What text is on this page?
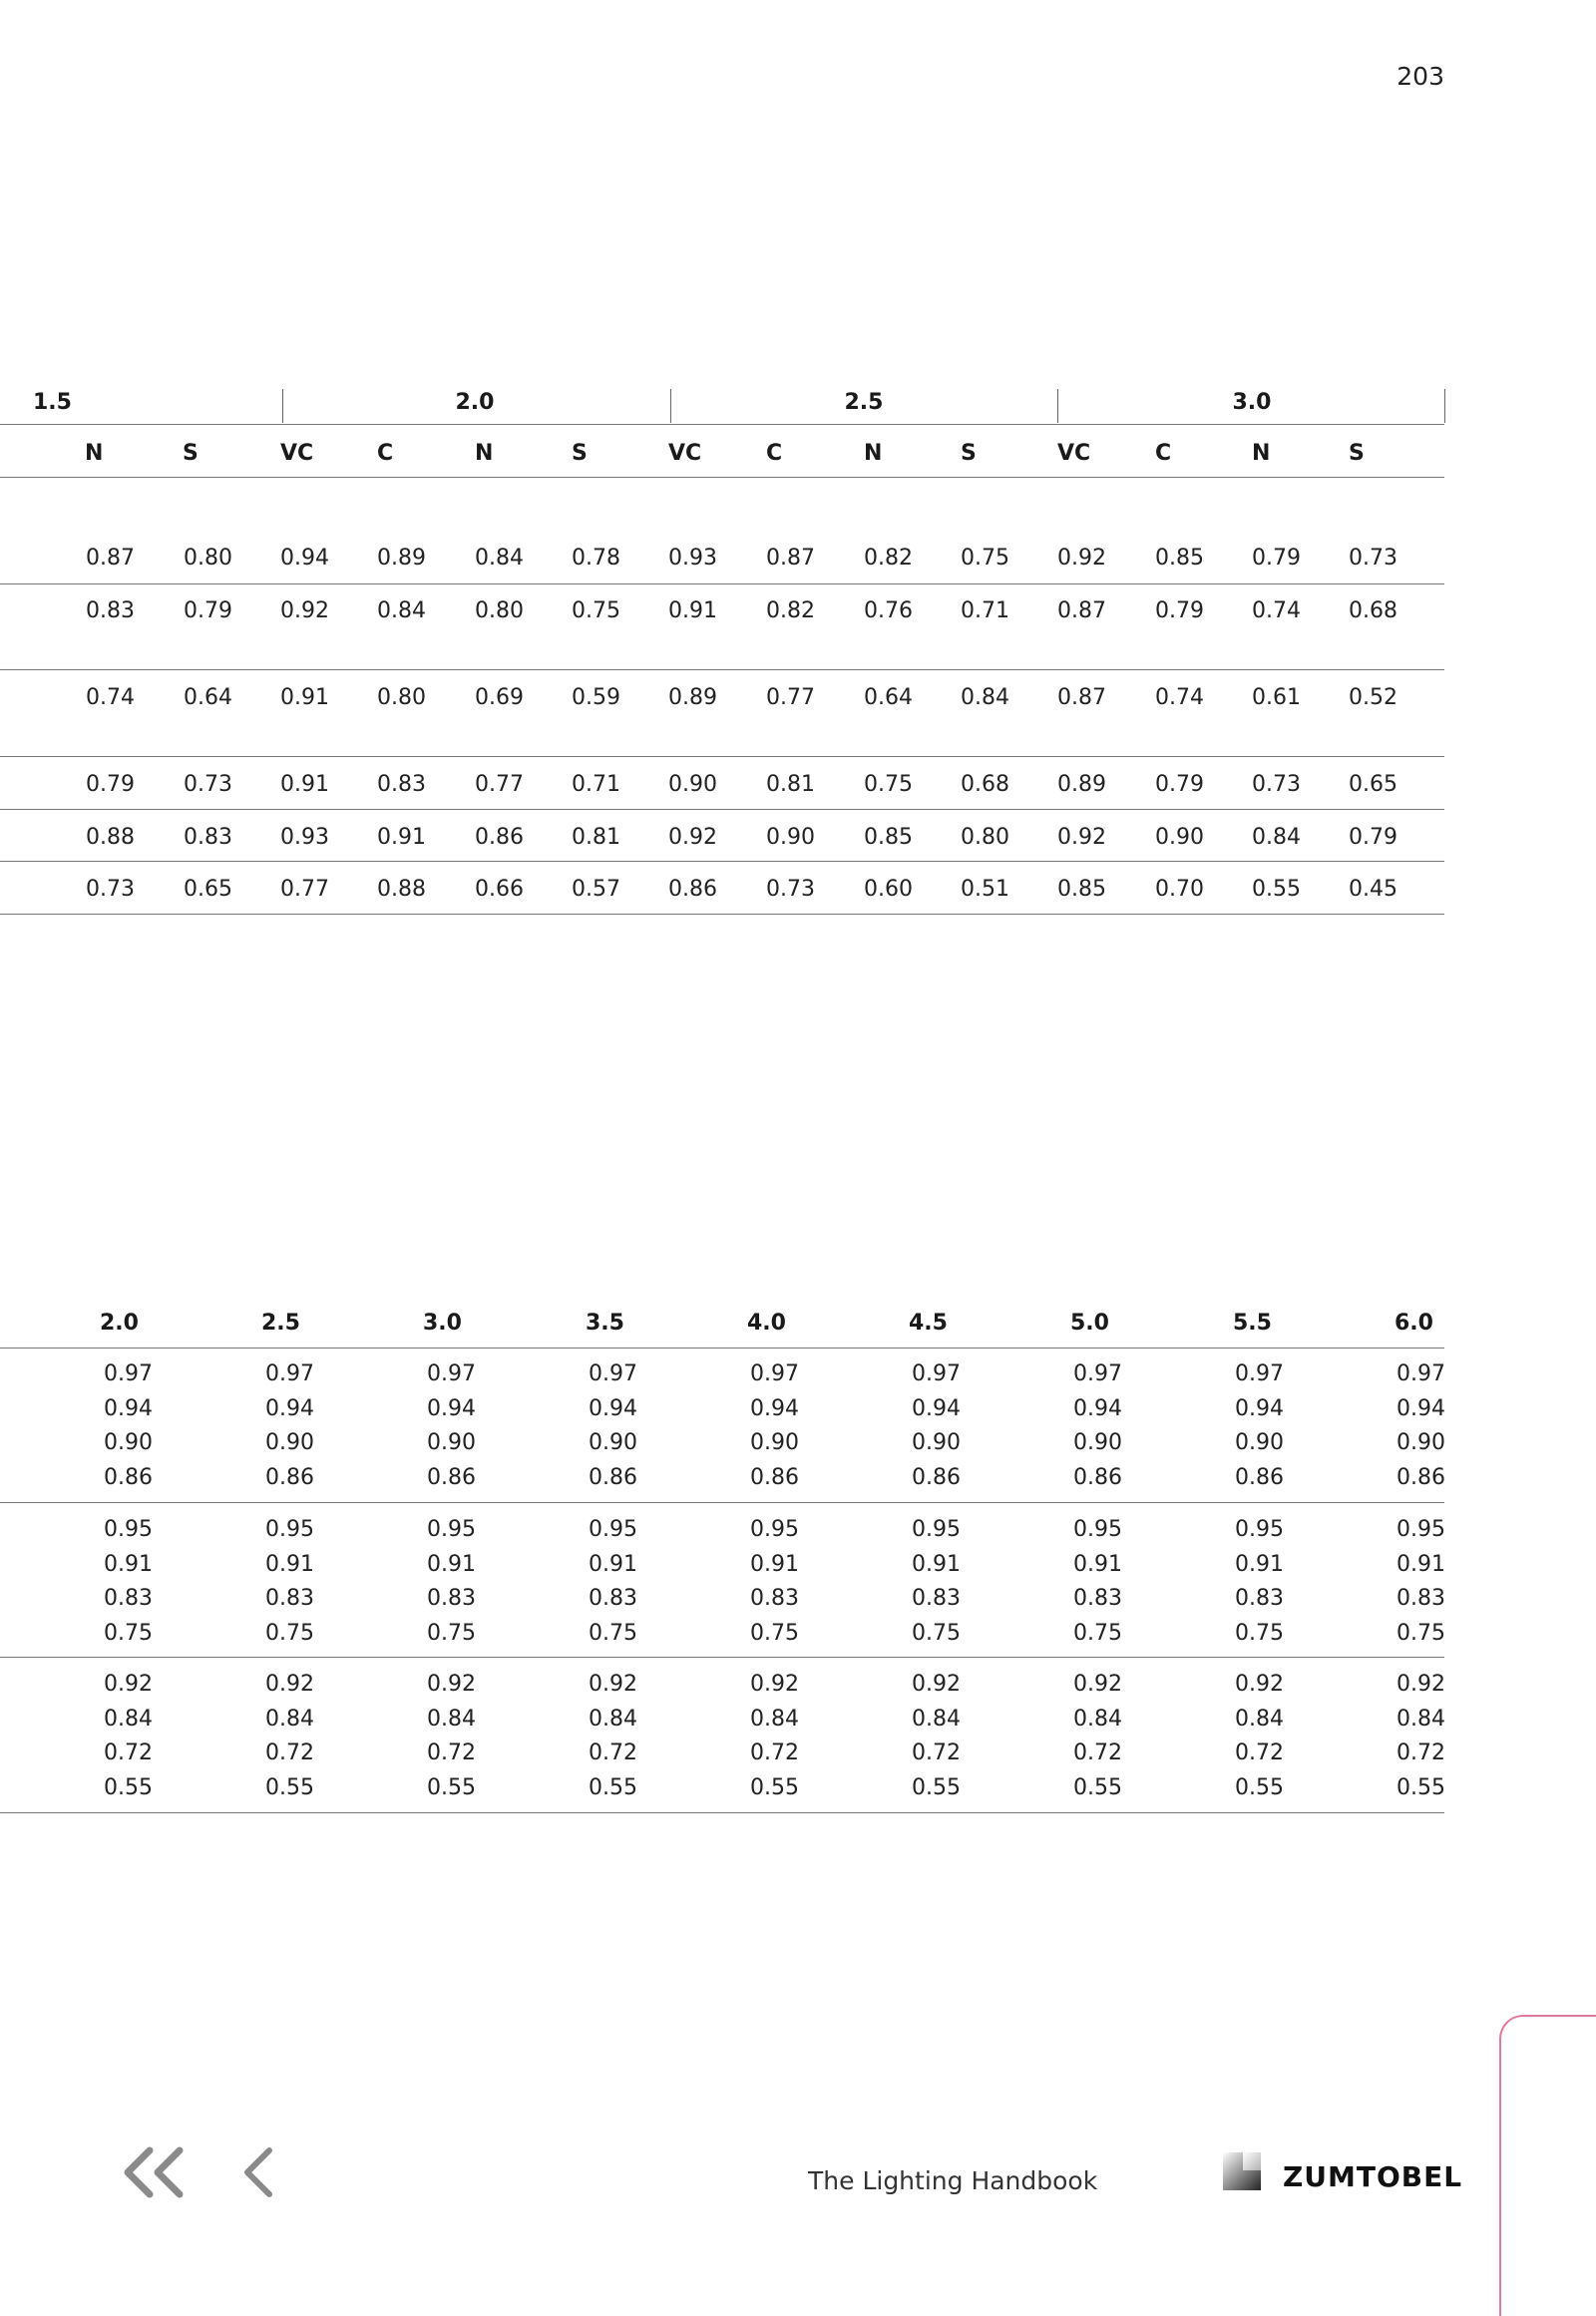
203
1.5	2.0	2.5	3.0
N	S	VC	C	N	S	VC	C	N	S	VC	C	N	S
0.87 0.80 0.94 0.89 0.84 0.78 0.93 0.87 0.82 0.75 0.92 0.85 0.79 0.73
0.83 0.79 0.92 0.84 0.80 0.75 0.91 0.82 0.76 0.71 0.87 0.79 0.74 0.68
0.74 0.64 0.91 0.80 0.69 0.59 0.89 0.77 0.64 0.84 0.87 0.74 0.61 0.52
0.79 0.73 0.91 0.83 0.77 0.71 0.90 0.81 0.75 0.68 0.89 0.79 0.73 0.65
0.88 0.83 0.93 0.91 0.86 0.81 0.92 0.90 0.85 0.80 0.92 0.90 0.84 0.79
0.73 0.65 0.77 0.88 0.66 0.57 0.86 0.73 0.60 0.51 0.85 0.70 0.55 0.45
2.0	2.5	3.0	3.5	4.0	4.5	5.0	5.5	6.0
0.97	0.97	0.97	0.97	0.97	0.97	0.97	0.97	0.97
0.94	0.94	0.94	0.94	0.94	0.94	0.94	0.94	0.94
0.90	0.90	0.90	0.90	0.90	0.90	0.90	0.90	0.90
0.86	0.86	0.86	0.86	0.86	0.86	0.86	0.86	0.86
0.95	0.95	0.95	0.95	0.95	0.95	0.95	0.95	0.95
0.91	0.91	0.91	0.91	0.91	0.91	0.91	0.91	0.91
0.83	0.83	0.83	0.83	0.83	0.83	0.83	0.83	0.83
0.75	0.75	0.75	0.75	0.75	0.75	0.75	0.75	0.75
0.92	0.92	0.92	0.92	0.92	0.92	0.92	0.92	0.92
0.84	0.84	0.84	0.84	0.84	0.84	0.84	0.84	0.84
0.72	0.72	0.72	0.72	0.72	0.72	0.72	0.72	0.72
0.55	0.55	0.55	0.55	0.55	0.55	0.55	0.55	0.55
The Lighting Handbook	ZUMTOBEL
